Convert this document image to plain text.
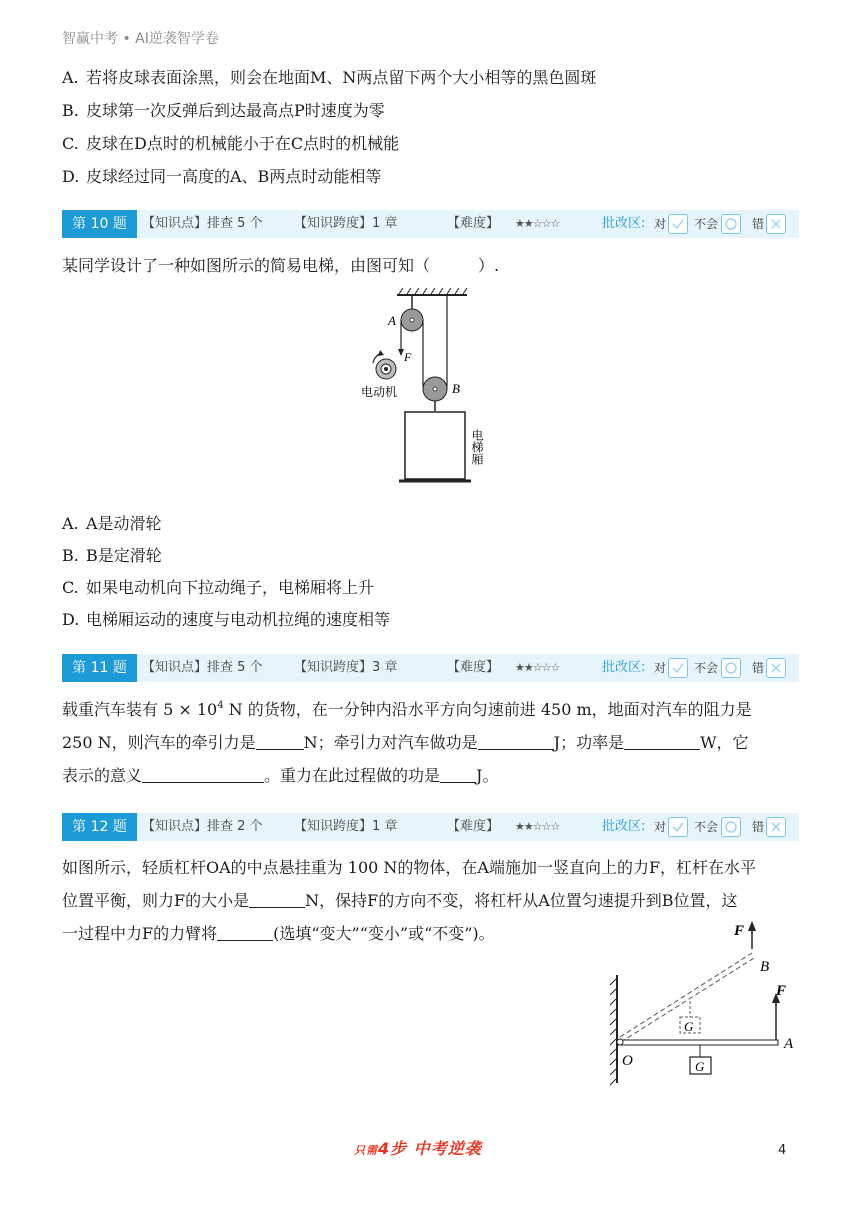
智赢中考 • AI逆袭智学卷
A. 若将皮球表面涂黑，则会在地面M、N两点留下两个大小相等的黑色圆斑
B. 皮球第一次反弹后到达最高点P时速度为零
C. 皮球在D点时的机械能小于在C点时的机械能
D. 皮球经过同一高度的A、B两点时动能相等
第 10 题	【知识点】排查 5 个 【知识跨度】1 章	【难度】 ★★☆☆☆	批改区: 对 不会	错
某同学设计了一种如图所示的简易电梯，由图可知（　　　）.
A
F
B
电动机
电梯厢
A. A是动滑轮
B. B是定滑轮
C. 如果电动机向下拉动绳子，电梯厢将上升
D. 电梯厢运动的速度与电动机拉绳的速度相等
第 11 题	【知识点】排查 5 个 【知识跨度】3 章	【难度】 ★★☆☆☆	批改区: 对 不会	错
载重汽车装有 $5 \times 10^4$ N 的货物，在一分钟内沿水平方向匀速前进 450 m，地面对汽车的阻力是
250 N，则汽车的牵引力是	N；牵引力对汽车做功是	J；功率是	W，它
表示的意义	。重力在此过程做的功是 J。
第 12 题	【知识点】排查 2 个 【知识跨度】1 章	【难度】 ★★☆☆☆	批改区: 对 不会	错
如图所示，轻质杠杆OA的中点悬挂重为 100 N的物体，在A端施加一竖直向上的力F，杠杆在水平
位置平衡，则力F的大小是	N，保持F的方向不变，将杠杆从A位置匀速提升到B位置，这
一过程中力F的力臂将	(选填“变大”“变小”或“不变”)。	F
B
G
O
A
F
G
只需4步 中考逆袭	4
